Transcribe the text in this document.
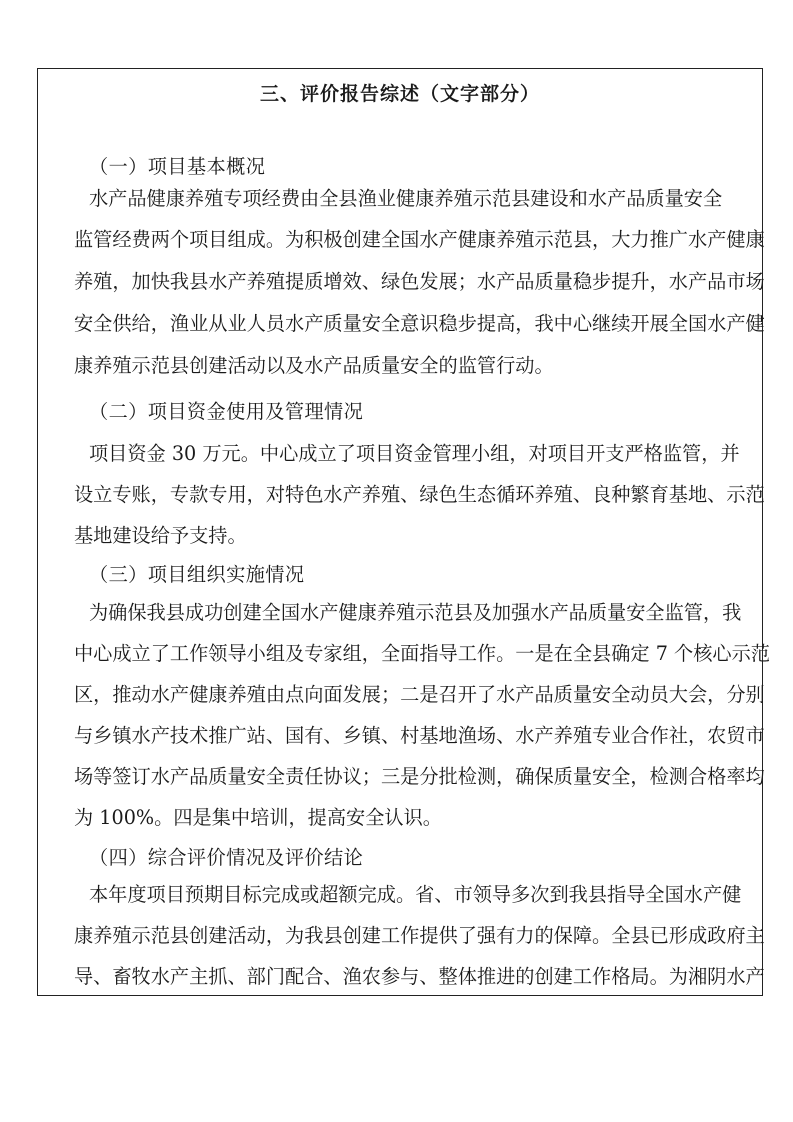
三、评价报告综述（文字部分）
（一）项目基本概况
水产品健康养殖专项经费由全县渔业健康养殖示范县建设和水产品质量安全
监管经费两个项目组成。为积极创建全国水产健康养殖示范县，大力推广水产健康
养殖，加快我县水产养殖提质增效、绿色发展；水产品质量稳步提升，水产品市场
安全供给，渔业从业人员水产质量安全意识稳步提高，我中心继续开展全国水产健
康养殖示范县创建活动以及水产品质量安全的监管行动。
（二）项目资金使用及管理情况
项目资金 30 万元。中心成立了项目资金管理小组，对项目开支严格监管，并
设立专账，专款专用，对特色水产养殖、绿色生态循环养殖、良种繁育基地、示范
基地建设给予支持。
（三）项目组织实施情况
为确保我县成功创建全国水产健康养殖示范县及加强水产品质量安全监管，我
中心成立了工作领导小组及专家组，全面指导工作。一是在全县确定 7 个核心示范
区，推动水产健康养殖由点向面发展；二是召开了水产品质量安全动员大会，分别
与乡镇水产技术推广站、国有、乡镇、村基地渔场、水产养殖专业合作社，农贸市
场等签订水产品质量安全责任协议；三是分批检测，确保质量安全，检测合格率均
为 100%。四是集中培训，提高安全认识。
（四）综合评价情况及评价结论
本年度项目预期目标完成或超额完成。省、市领导多次到我县指导全国水产健
康养殖示范县创建活动，为我县创建工作提供了强有力的保障。全县已形成政府主
导、畜牧水产主抓、部门配合、渔农参与、整体推进的创建工作格局。为湘阴水产
